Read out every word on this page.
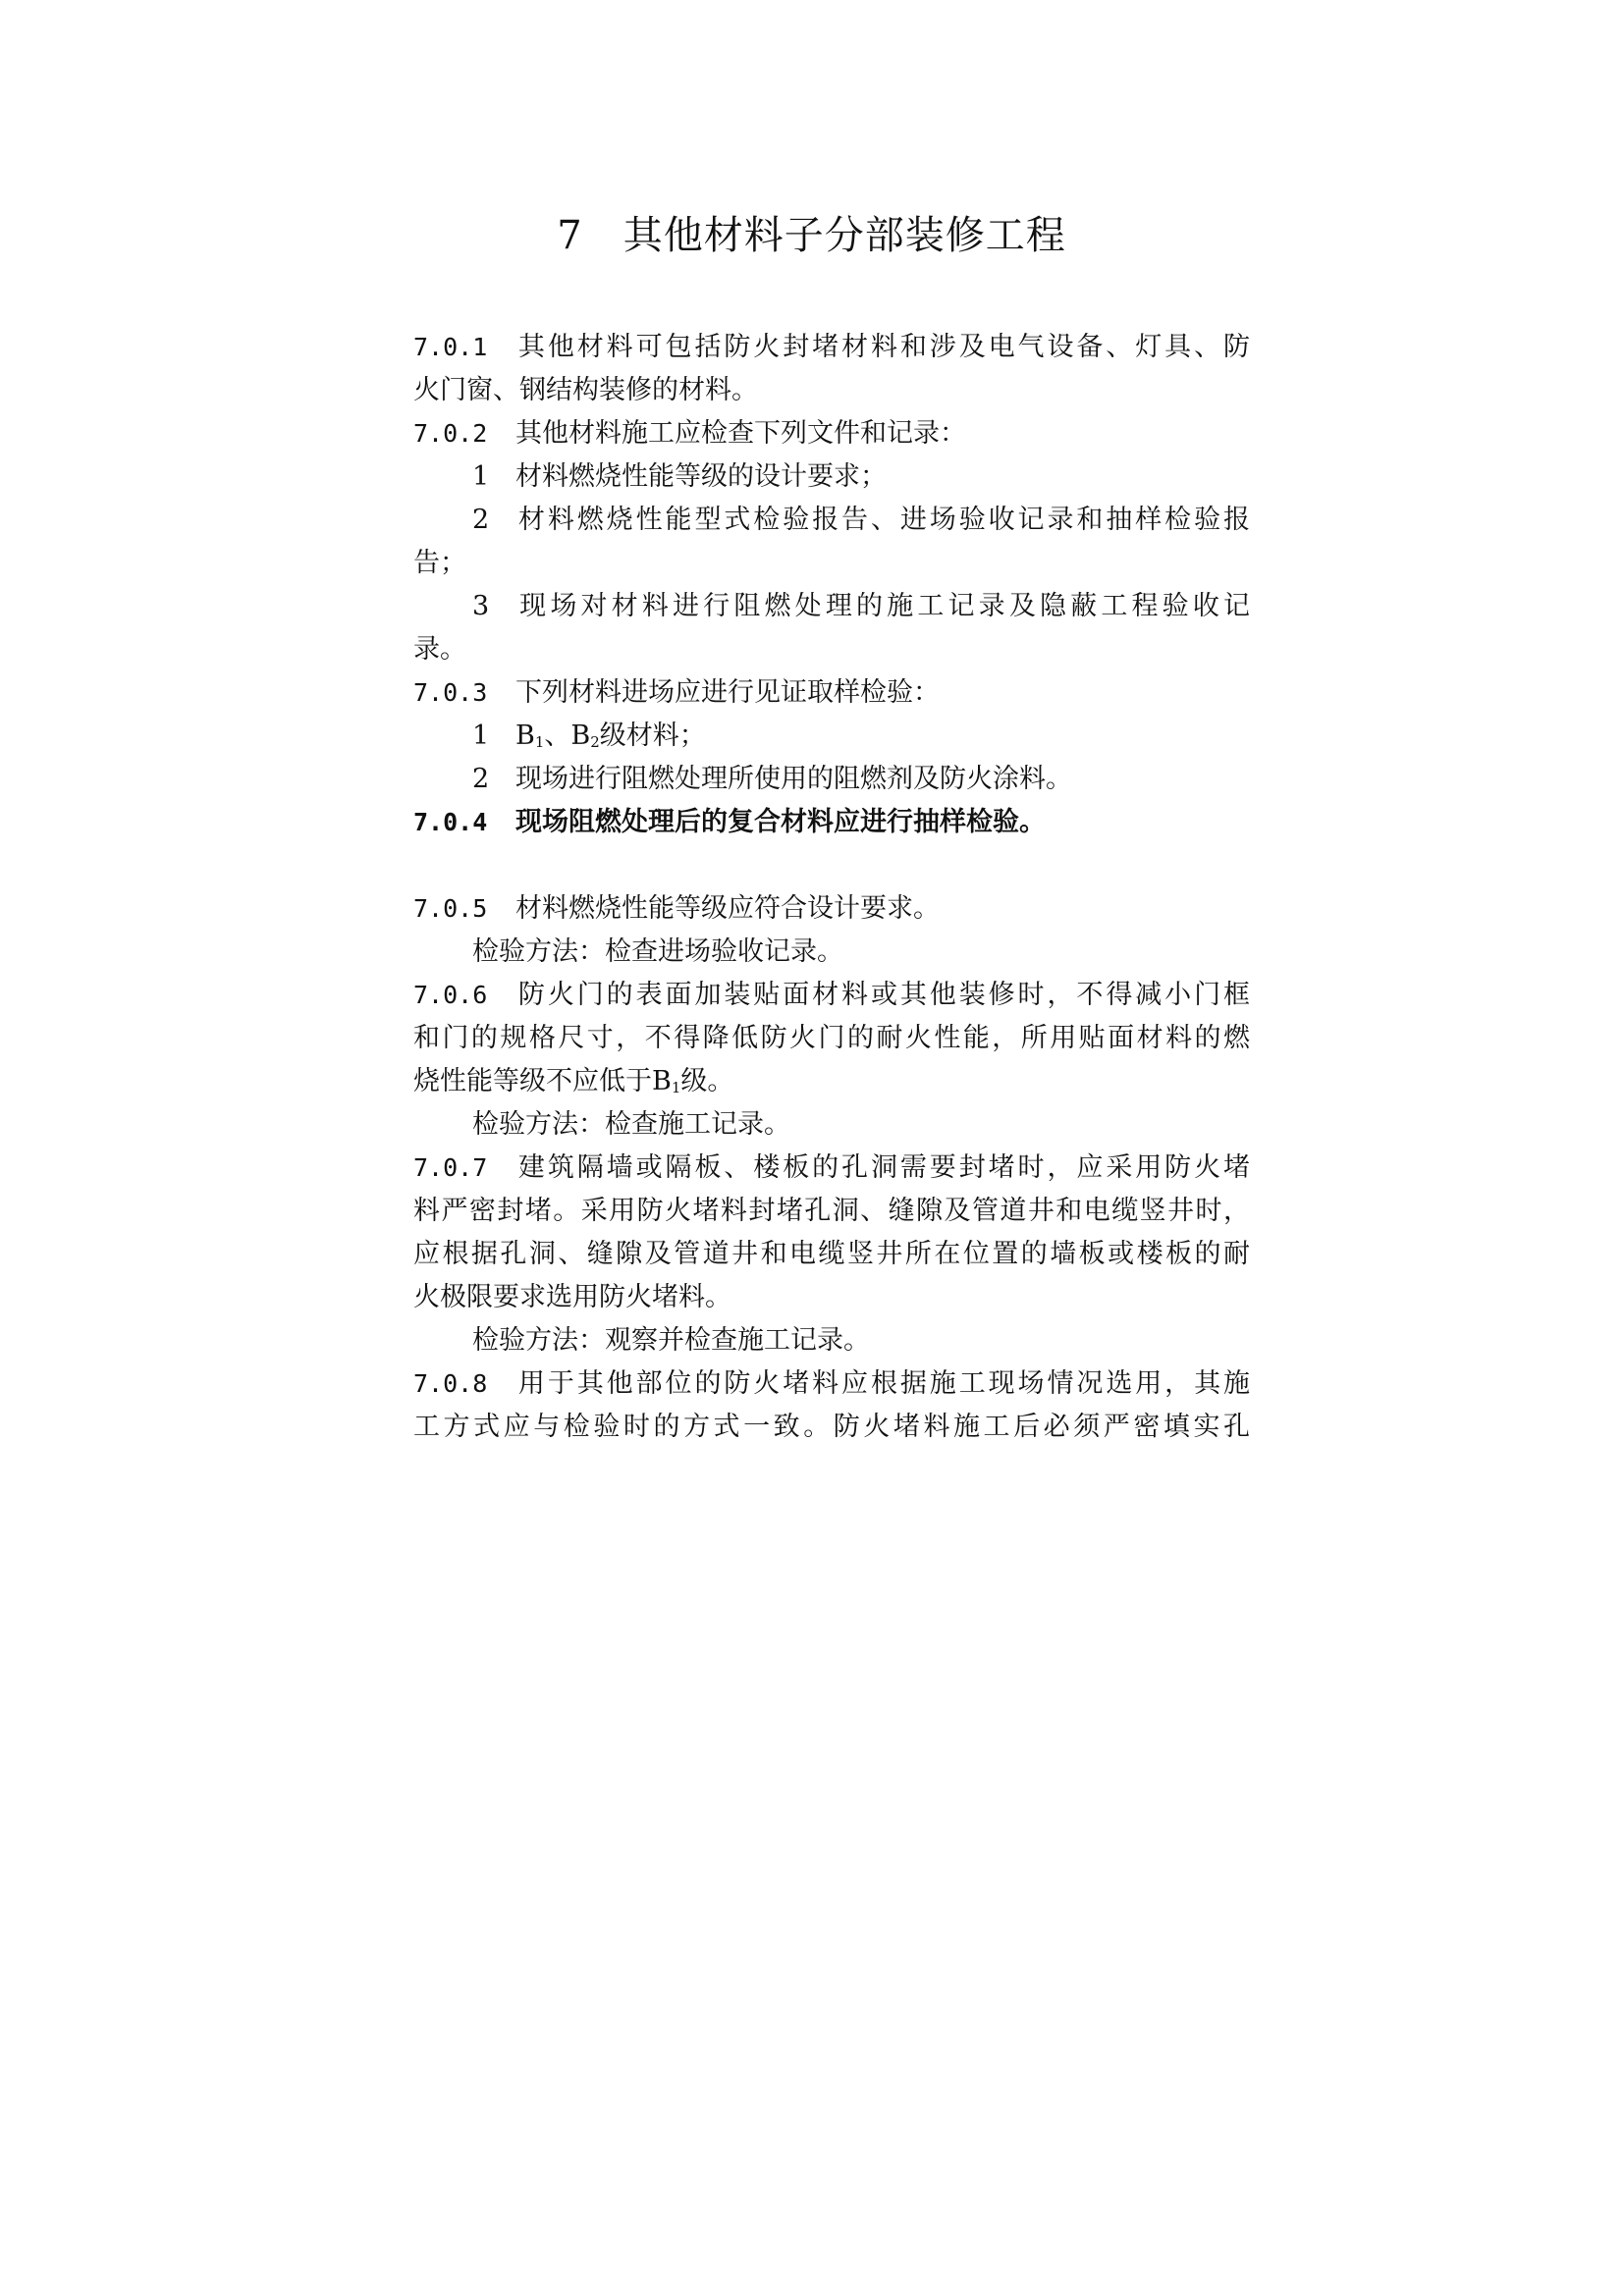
7　其他材料子分部装修工程
7.0.1 其他材料可包括防火封堵材料和涉及电气设备、灯具、防
火门窗、钢结构装修的材料。
7.0.2 其他材料施工应检查下列文件和记录：
1 材料燃烧性能等级的设计要求；
2 材料燃烧性能型式检验报告、进场验收记录和抽样检验报
告；
3 现场对材料进行阻燃处理的施工记录及隐蔽工程验收记
录。
7.0.3 下列材料进场应进行见证取样检验：
1 $B_1$、$B_2$级材料；
2 现场进行阻燃处理所使用的阻燃剂及防火涂料。
7.0.4 现场阻燃处理后的复合材料应进行抽样检验。
7.0.5 材料燃烧性能等级应符合设计要求。
检验方法：检查进场验收记录。
7.0.6 防火门的表面加装贴面材料或其他装修时，不得减小门框
和门的规格尺寸，不得降低防火门的耐火性能，所用贴面材料的燃
烧性能等级不应低于$B_1$级。
检验方法：检查施工记录。
7.0.7 建筑隔墙或隔板、楼板的孔洞需要封堵时，应采用防火堵
料严密封堵。采用防火堵料封堵孔洞、缝隙及管道井和电缆竖井时，
应根据孔洞、缝隙及管道井和电缆竖井所在位置的墙板或楼板的耐
火极限要求选用防火堵料。
检验方法：观察并检查施工记录。
7.0.8 用于其他部位的防火堵料应根据施工现场情况选用，其施
工方式应与检验时的方式一致。防火堵料施工后必须严密填实孔
